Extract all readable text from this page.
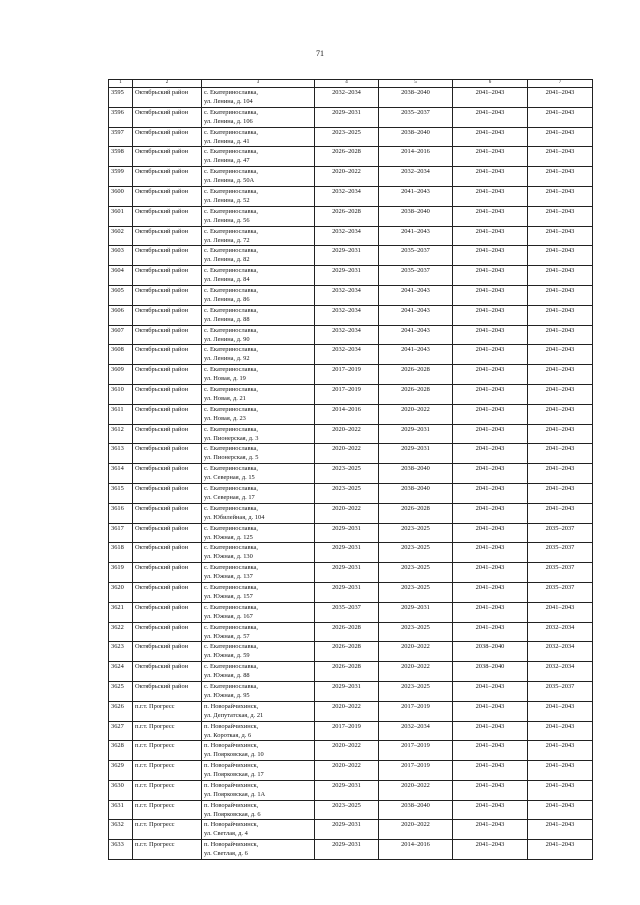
71
1	2	3	4	5	6	7
3595	Октябрьский район	с. Екатеринославка,
ул. Ленина, д. 104	2032–2034	2038–2040	2041–2043	2041–2043
3596	Октябрьский район	с. Екатеринославка,
ул. Ленина, д. 106	2029–2031	2035–2037	2041–2043	2041–2043
3597	Октябрьский район	с. Екатеринославка,
ул. Ленина, д. 41	2023–2025	2038–2040	2041–2043	2041–2043
3598	Октябрьский район	с. Екатеринославка,
ул. Ленина, д. 47	2026–2028	2014–2016	2041–2043	2041–2043
3599	Октябрьский район	с. Екатеринославка,
ул. Ленина, д. 50А	2020–2022	2032–2034	2041–2043	2041–2043
3600	Октябрьский район	с. Екатеринославка,
ул. Ленина, д. 52	2032–2034	2041–2043	2041–2043	2041–2043
3601	Октябрьский район	с. Екатеринославка,
ул. Ленина, д. 56	2026–2028	2038–2040	2041–2043	2041–2043
3602	Октябрьский район	с. Екатеринославка,
ул. Ленина, д. 72	2032–2034	2041–2043	2041–2043	2041–2043
3603	Октябрьский район	с. Екатеринославка,
ул. Ленина, д. 82	2029–2031	2035–2037	2041–2043	2041–2043
3604	Октябрьский район	с. Екатеринославка,
ул. Ленина, д. 84	2029–2031	2035–2037	2041–2043	2041–2043
3605	Октябрьский район	с. Екатеринославка,
ул. Ленина, д. 86	2032–2034	2041–2043	2041–2043	2041–2043
3606	Октябрьский район	с. Екатеринославка,
ул. Ленина, д. 88	2032–2034	2041–2043	2041–2043	2041–2043
3607	Октябрьский район	с. Екатеринославка,
ул. Ленина, д. 90	2032–2034	2041–2043	2041–2043	2041–2043
3608	Октябрьский район	с. Екатеринославка,
ул. Ленина, д. 92	2032–2034	2041–2043	2041–2043	2041–2043
3609	Октябрьский район	с. Екатеринославка,
ул. Новая, д. 19	2017–2019	2026–2028	2041–2043	2041–2043
3610	Октябрьский район	с. Екатеринославка,
ул. Новая, д. 21	2017–2019	2026–2028	2041–2043	2041–2043
3611	Октябрьский район	с. Екатеринославка,
ул. Новая, д. 23	2014–2016	2020–2022	2041–2043	2041–2043
3612	Октябрьский район	с. Екатеринославка,
ул. Пионерская, д. 3	2020–2022	2029–2031	2041–2043	2041–2043
3613	Октябрьский район	с. Екатеринославка,
ул. Пионерская, д. 5	2020–2022	2029–2031	2041–2043	2041–2043
3614	Октябрьский район	с. Екатеринославка,
ул. Северная, д. 15	2023–2025	2038–2040	2041–2043	2041–2043
3615	Октябрьский район	с. Екатеринославка,
ул. Северная, д. 17	2023–2025	2038–2040	2041–2043	2041–2043
3616	Октябрьский район	с. Екатеринославка,
ул. Юбилейная, д. 104	2020–2022	2026–2028	2041–2043	2041–2043
3617	Октябрьский район	с. Екатеринославка,
ул. Южная, д. 125	2029–2031	2023–2025	2041–2043	2035–2037
3618	Октябрьский район	с. Екатеринославка,
ул. Южная, д. 130	2029–2031	2023–2025	2041–2043	2035–2037
3619	Октябрьский район	с. Екатеринославка,
ул. Южная, д. 137	2029–2031	2023–2025	2041–2043	2035–2037
3620	Октябрьский район	с. Екатеринославка,
ул. Южная, д. 157	2029–2031	2023–2025	2041–2043	2035–2037
3621	Октябрьский район	с. Екатеринославка,
ул. Южная, д. 167	2035–2037	2029–2031	2041–2043	2041–2043
3622	Октябрьский район	с. Екатеринославка,
ул. Южная, д. 57	2026–2028	2023–2025	2041–2043	2032–2034
3623	Октябрьский район	с. Екатеринославка,
ул. Южная, д. 59	2026–2028	2020–2022	2038–2040	2032–2034
3624	Октябрьский район	с. Екатеринославка,
ул. Южная, д. 88	2026–2028	2020–2022	2038–2040	2032–2034
3625	Октябрьский район	с. Екатеринославка,
ул. Южная, д. 95	2029–2031	2023–2025	2041–2043	2035–2037
3626	п.г.т. Прогресс	п. Новорайчихинск,
ул. Депутатская, д. 21	2020–2022	2017–2019	2041–2043	2041–2043
3627	п.г.т. Прогресс	п. Новорайчихинск,
ул. Короткая, д. 6	2017–2019	2032–2034	2041–2043	2041–2043
3628	п.г.т. Прогресс	п. Новорайчихинск,
ул. Поярковская, д. 10	2020–2022	2017–2019	2041–2043	2041–2043
3629	п.г.т. Прогресс	п. Новорайчихинск,
ул. Поярковская, д. 17	2020–2022	2017–2019	2041–2043	2041–2043
3630	п.г.т. Прогресс	п. Новорайчихинск,
ул. Поярковская, д. 1А	2029–2031	2020–2022	2041–2043	2041–2043
3631	п.г.т. Прогресс	п. Новорайчихинск,
ул. Поярковская, д. 6	2023–2025	2038–2040	2041–2043	2041–2043
3632	п.г.т. Прогресс	п. Новорайчихинск,
ул. Светлая, д. 4	2029–2031	2020–2022	2041–2043	2041–2043
3633	п.г.т. Прогресс	п. Новорайчихинск,
ул. Светлая, д. 6	2029–2031	2014–2016	2041–2043	2041–2043
